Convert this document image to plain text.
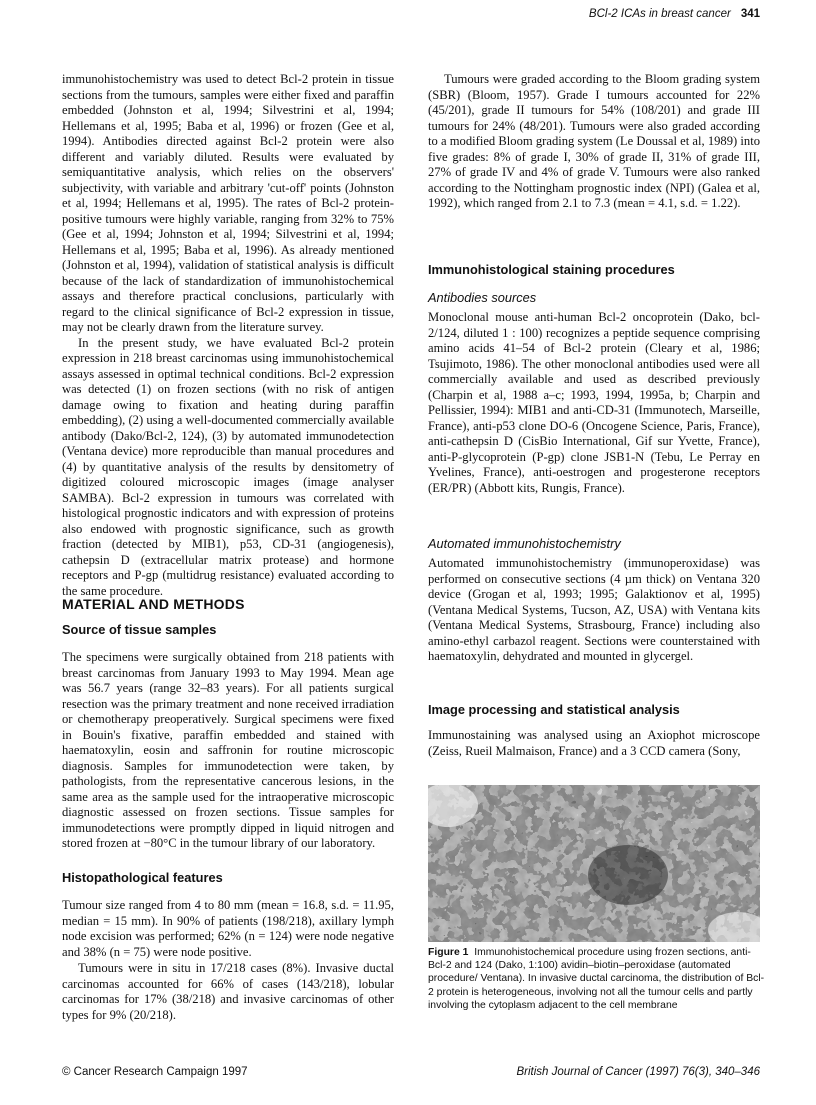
BCl-2 ICAs in breast cancer 341

immunohistochemistry was used to detect Bcl-2 protein in tissue sections from the tumours, samples were either fixed and paraffin embedded (Johnston et al, 1994; Silvestrini et al, 1994; Hellemans et al, 1995; Baba et al, 1996) or frozen (Gee et al, 1994). Antibodies directed against Bcl-2 protein were also different and variably diluted. Results were evaluated by semiquantitative analysis, which relies on the observers' subjectivity, with variable and arbitrary 'cut-off' points (Johnston et al, 1994; Hellemans et al, 1995). The rates of Bcl-2 protein-positive tumours were highly variable, ranging from 32% to 75% (Gee et al, 1994; Johnston et al, 1994; Silvestrini et al, 1994; Hellemans et al, 1995; Baba et al, 1996). As already mentioned (Johnston et al, 1994), validation of statistical analysis is difficult because of the lack of standardization of immunohistochemical assays and therefore practical conclusions, particularly with regard to the clinical significance of Bcl-2 expression in tissue, may not be clearly drawn from the literature survey.

In the present study, we have evaluated Bcl-2 protein expression in 218 breast carcinomas using immunohistochemical assays assessed in optimal technical conditions. Bcl-2 expression was detected (1) on frozen sections (with no risk of antigen damage owing to fixation and heating during paraffin embedding), (2) using a well-documented commercially available antibody (Dako/Bcl-2, 124), (3) by automated immunodetection (Ventana device) more reproducible than manual procedures and (4) by quantitative analysis of the results by densitometry of digitized coloured microscopic images (image analyser SAMBA). Bcl-2 expression in tumours was correlated with histological prognostic indicators and with expression of proteins also endowed with prognostic significance, such as growth fraction (detected by MIB1), p53, CD-31 (angiogenesis), cathepsin D (extracellular matrix protease) and hormone receptors and P-gp (multidrug resistance) evaluated according to the same procedure.

MATERIAL AND METHODS

Source of tissue samples

The specimens were surgically obtained from 218 patients with breast carcinomas from January 1993 to May 1994. Mean age was 56.7 years (range 32–83 years). For all patients surgical resection was the primary treatment and none received irradiation or chemotherapy preoperatively. Surgical specimens were fixed in Bouin's fixative, paraffin embedded and stained with haematoxylin, eosin and saffronin for routine microscopic diagnosis. Samples for immunodetection were taken, by pathologists, from the representative cancerous lesions, in the same area as the sample used for the intraoperative microscopic diagnostic assessed on frozen sections. Tissue samples for immunodetections were promptly dipped in liquid nitrogen and stored frozen at −80°C in the tumour library of our laboratory.

Histopathological features

Tumour size ranged from 4 to 80 mm (mean = 16.8, s.d. = 11.95, median = 15 mm). In 90% of patients (198/218), axillary lymph node excision was performed; 62% (n = 124) were node negative and 38% (n = 75) were node positive.

Tumours were in situ in 17/218 cases (8%). Invasive ductal carcinomas accounted for 66% of cases (143/218), lobular carcinomas for 17% (38/218) and invasive carcinomas of other types for 9% (20/218).

Tumours were graded according to the Bloom grading system (SBR) (Bloom, 1957). Grade I tumours accounted for 22% (45/201), grade II tumours for 54% (108/201) and grade III tumours for 24% (48/201). Tumours were also graded according to a modified Bloom grading system (Le Doussal et al, 1989) into five grades: 8% of grade I, 30% of grade II, 31% of grade III, 27% of grade IV and 4% of grade V. Tumours were also ranked according to the Nottingham prognostic index (NPI) (Galea et al, 1992), which ranged from 2.1 to 7.3 (mean = 4.1, s.d. = 1.22).

Immunohistological staining procedures

Antibodies sources

Monoclonal mouse anti-human Bcl-2 oncoprotein (Dako, bcl-2/124, diluted 1 : 100) recognizes a peptide sequence comprising amino acids 41–54 of Bcl-2 protein (Cleary et al, 1986; Tsujimoto, 1986). The other monoclonal antibodies used were all commercially available and used as described previously (Charpin et al, 1988 a–c; 1993, 1994, 1995a, b; Charpin and Pellissier, 1994): MIB1 and anti-CD-31 (Immunotech, Marseille, France), anti-p53 clone DO-6 (Oncogene Science, Paris, France), anti-cathepsin D (CisBio International, Gif sur Yvette, France), anti-P-glycoprotein (P-gp) clone JSB1-N (Tebu, Le Perray en Yvelines, France), anti-oestrogen and progesterone receptors (ER/PR) (Abbott kits, Rungis, France).

Automated immunohistochemistry

Automated immunohistochemistry (immunoperoxidase) was performed on consecutive sections (4 µm thick) on Ventana 320 device (Grogan et al, 1993; 1995; Galaktionov et al, 1995) (Ventana Medical Systems, Tucson, AZ, USA) with Ventana kits (Ventana Medical Systems, Strasbourg, France) including also amino-ethyl carbazol reagent. Sections were counterstained with haematoxylin, dehydrated and mounted in glycergel.

Image processing and statistical analysis

Immunostaining was analysed using an Axiophot microscope (Zeiss, Rueil Malmaison, France) and a 3 CCD camera (Sony,

Figure 1 Immunohistochemical procedure using frozen sections, anti-Bcl-2 and 124 (Dako, 1:100) avidin–biotin–peroxidase (automated procedure/ Ventana). In invasive ductal carcinoma, the distribution of Bcl-2 protein is heterogeneous, involving not all the tumour cells and partly involving the cytoplasm adjacent to the cell membrane
© Cancer Research Campaign 1997	British Journal of Cancer (1997) 76(3), 340–346
